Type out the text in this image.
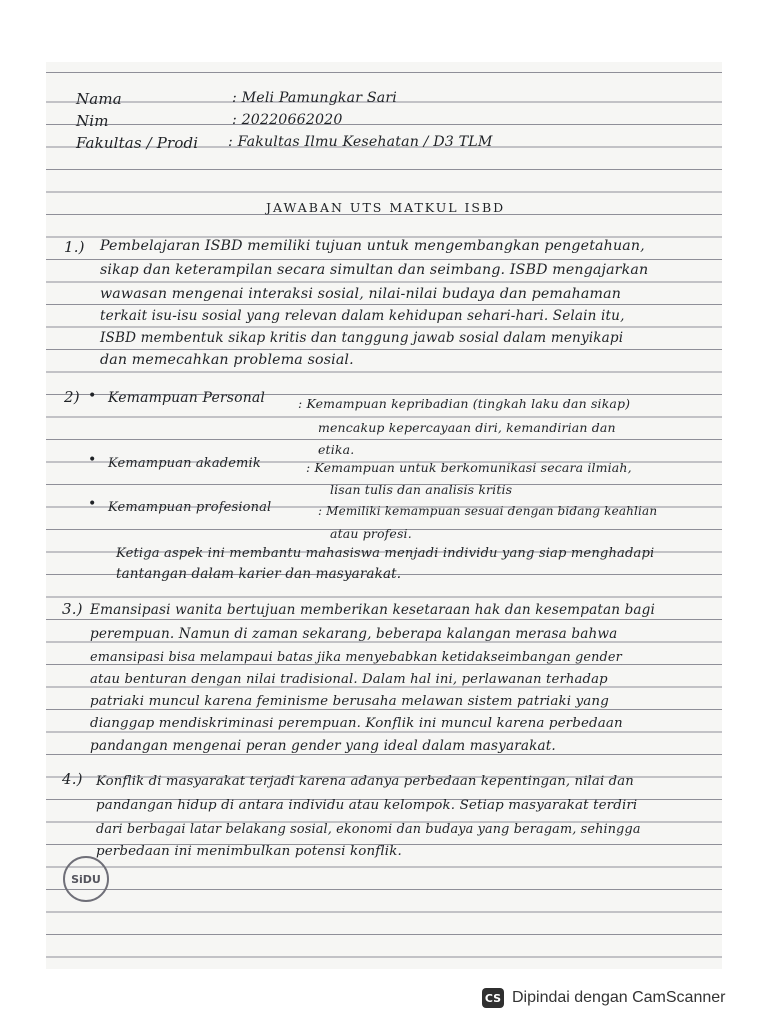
Nama	: Meli Pamungkar Sari
Nim	: 20220662020
Fakultas / Prodi : Fakultas Ilmu Kesehatan / D3 TLM
JAWABAN UTS MATKUL ISBD
1.) Pembelajaran ISBD memiliki tujuan untuk mengembangkan pengetahuan,
sikap dan keterampilan secara simultan dan seimbang. ISBD mengajarkan
wawasan mengenai interaksi sosial, nilai-nilai budaya dan pemahaman
terkait isu-isu sosial yang relevan dalam kehidupan sehari-hari. Selain itu,
ISBD membentuk sikap kritis dan tanggung jawab sosial dalam menyikapi
dan memecahkan problema sosial.
2) • Kemampuan Personal	: Kemampuan kepribadian (tingkah laku dan sikap)
mencakup kepercayaan diri, kemandirian dan
etika.
• Kemampuan akademik	: Kemampuan untuk berkomunikasi secara ilmiah,
lisan tulis dan analisis kritis
• Kemampuan profesional	: Memiliki kemampuan sesuai dengan bidang keahlian
atau profesi.
Ketiga aspek ini membantu mahasiswa menjadi individu yang siap menghadapi
tantangan dalam karier dan masyarakat.
3.) Emansipasi wanita bertujuan memberikan kesetaraan hak dan kesempatan bagi
perempuan. Namun di zaman sekarang, beberapa kalangan merasa bahwa
emansipasi bisa melampaui batas jika menyebabkan ketidakseimbangan gender
atau benturan dengan nilai tradisional. Dalam hal ini, perlawanan terhadap
patriaki muncul karena feminisme berusaha melawan sistem patriaki yang
dianggap mendiskriminasi perempuan. Konflik ini muncul karena perbedaan
pandangan mengenai peran gender yang ideal dalam masyarakat.
4.) Konflik di masyarakat terjadi karena adanya perbedaan kepentingan, nilai dan
pandangan hidup di antara individu atau kelompok. Setiap masyarakat terdiri
dari berbagai latar belakang sosial, ekonomi dan budaya yang beragam, sehingga
perbedaan ini menimbulkan potensi konflik.
SiDU
CS Dipindai dengan CamScanner
